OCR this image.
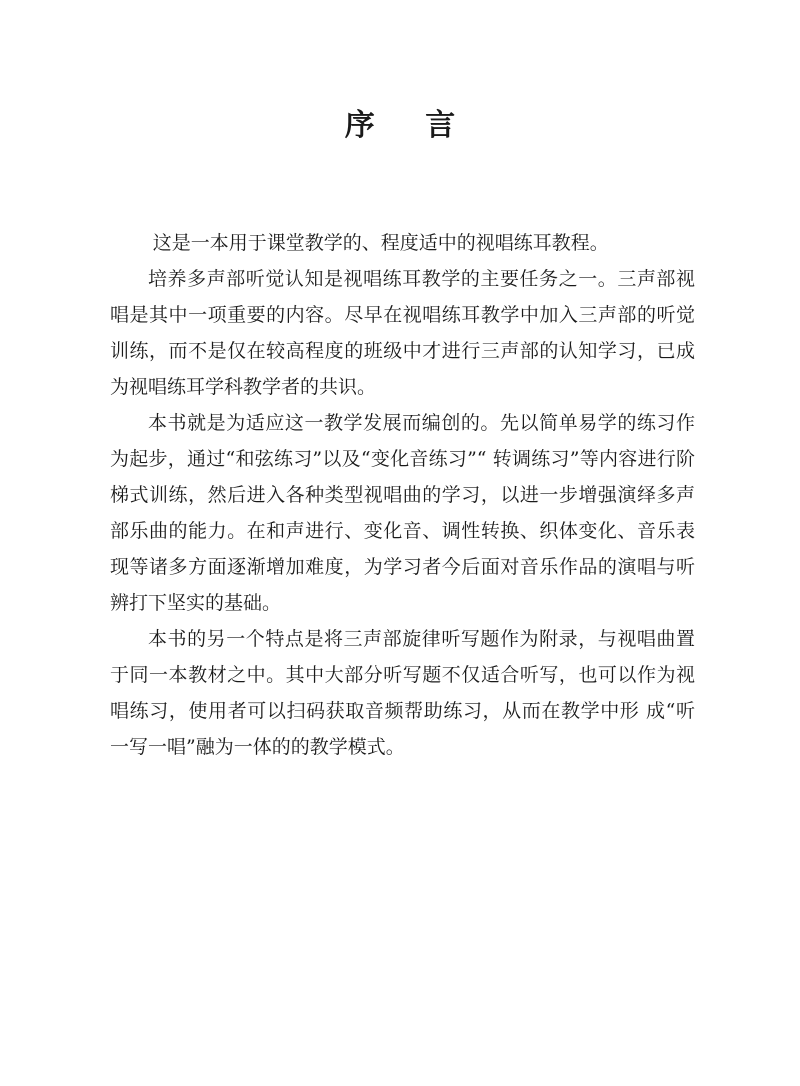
序 言

这是一本用于课堂教学的、程度适中的视唱练耳教程。

培养多声部听觉认知是视唱练耳教学的主要任务之一。三声部视唱是其中一项重要的内容。尽早在视唱练耳教学中加入三声部的听觉训练，而不是仅在较高程度的班级中才进行三声部的认知学习，已成为视唱练耳学科教学者的共识。

本书就是为适应这一教学发展而编创的。先以简单易学的练习作为起步，通过“和弦练习”以及“变化音练习”“ 转调练习”等内容进行阶梯式训练，然后进入各种类型视唱曲的学习，以进一步增强演绎多声部乐曲的能力。在和声进行、变化音、调性转换、织体变化、音乐表现等诸多方面逐渐增加难度，为学习者今后面对音乐作品的演唱与听辨打下坚实的基础。

本书的另一个特点是将三声部旋律听写题作为附录，与视唱曲置于同一本教材之中。其中大部分听写题不仅适合听写，也可以作为视唱练习，使用者可以扫码获取音频帮助练习，从而在教学中形 成“听一写一唱”融为一体的的教学模式。
